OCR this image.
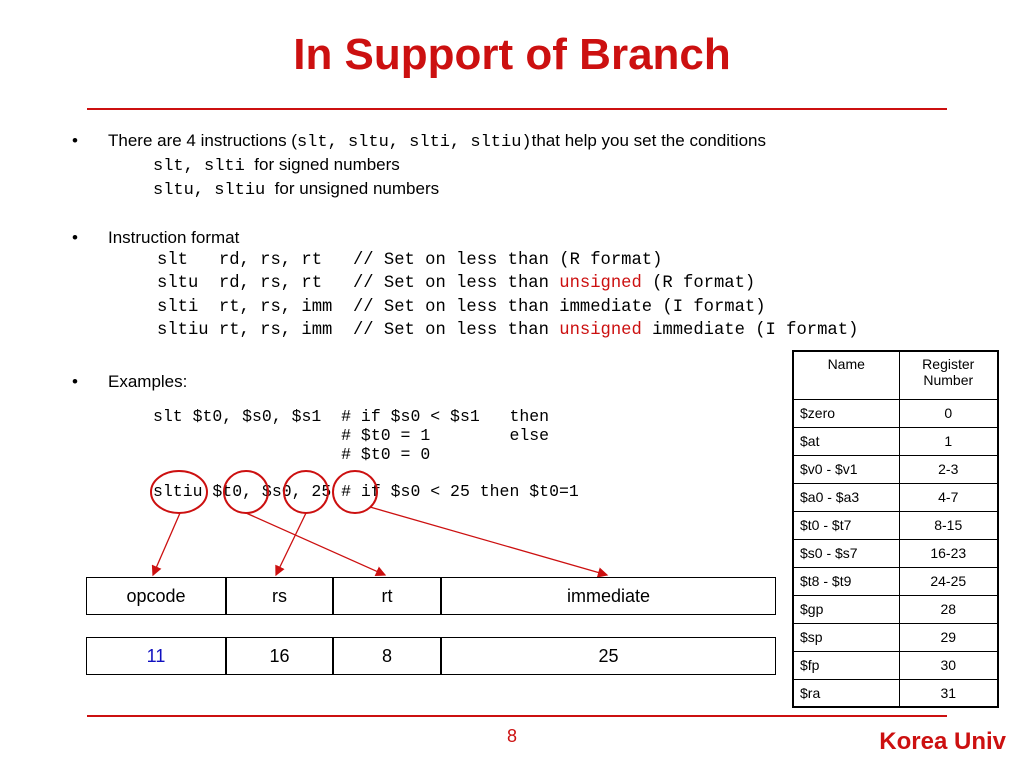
In Support of Branch
• There are 4 instructions (slt, sltu, slti, sltiu)that help you set the conditions
slt, slti for signed numbers
sltu, sltiu for unsigned numbers
• Instruction format
slt   rd, rs, rt   // Set on less than (R format)
sltu  rd, rs, rt   // Set on less than unsigned (R format)
slti  rt, rs, imm  // Set on less than immediate (I format)
sltiu rt, rs, imm  // Set on less than unsigned immediate (I format)
• Examples:
slt $t0, $s0, $s1  # if $s0 < $s1   then
# $t0 = 1        else
# $t0 = 0
sltiu $t0, $s0, 25 # if $s0 < 25 then $t0=1
opcode	rs	rt	immediate
11	16	8	25
Name	Register Number
$zero	0
$at	1
$v0 - $v1	2-3
$a0 - $a3	4-7
$t0 - $t7	8-15
$s0 - $s7	16-23
$t8 - $t9	24-25
$gp	28
$sp	29
$fp	30
$ra	31
8	Korea Univ
